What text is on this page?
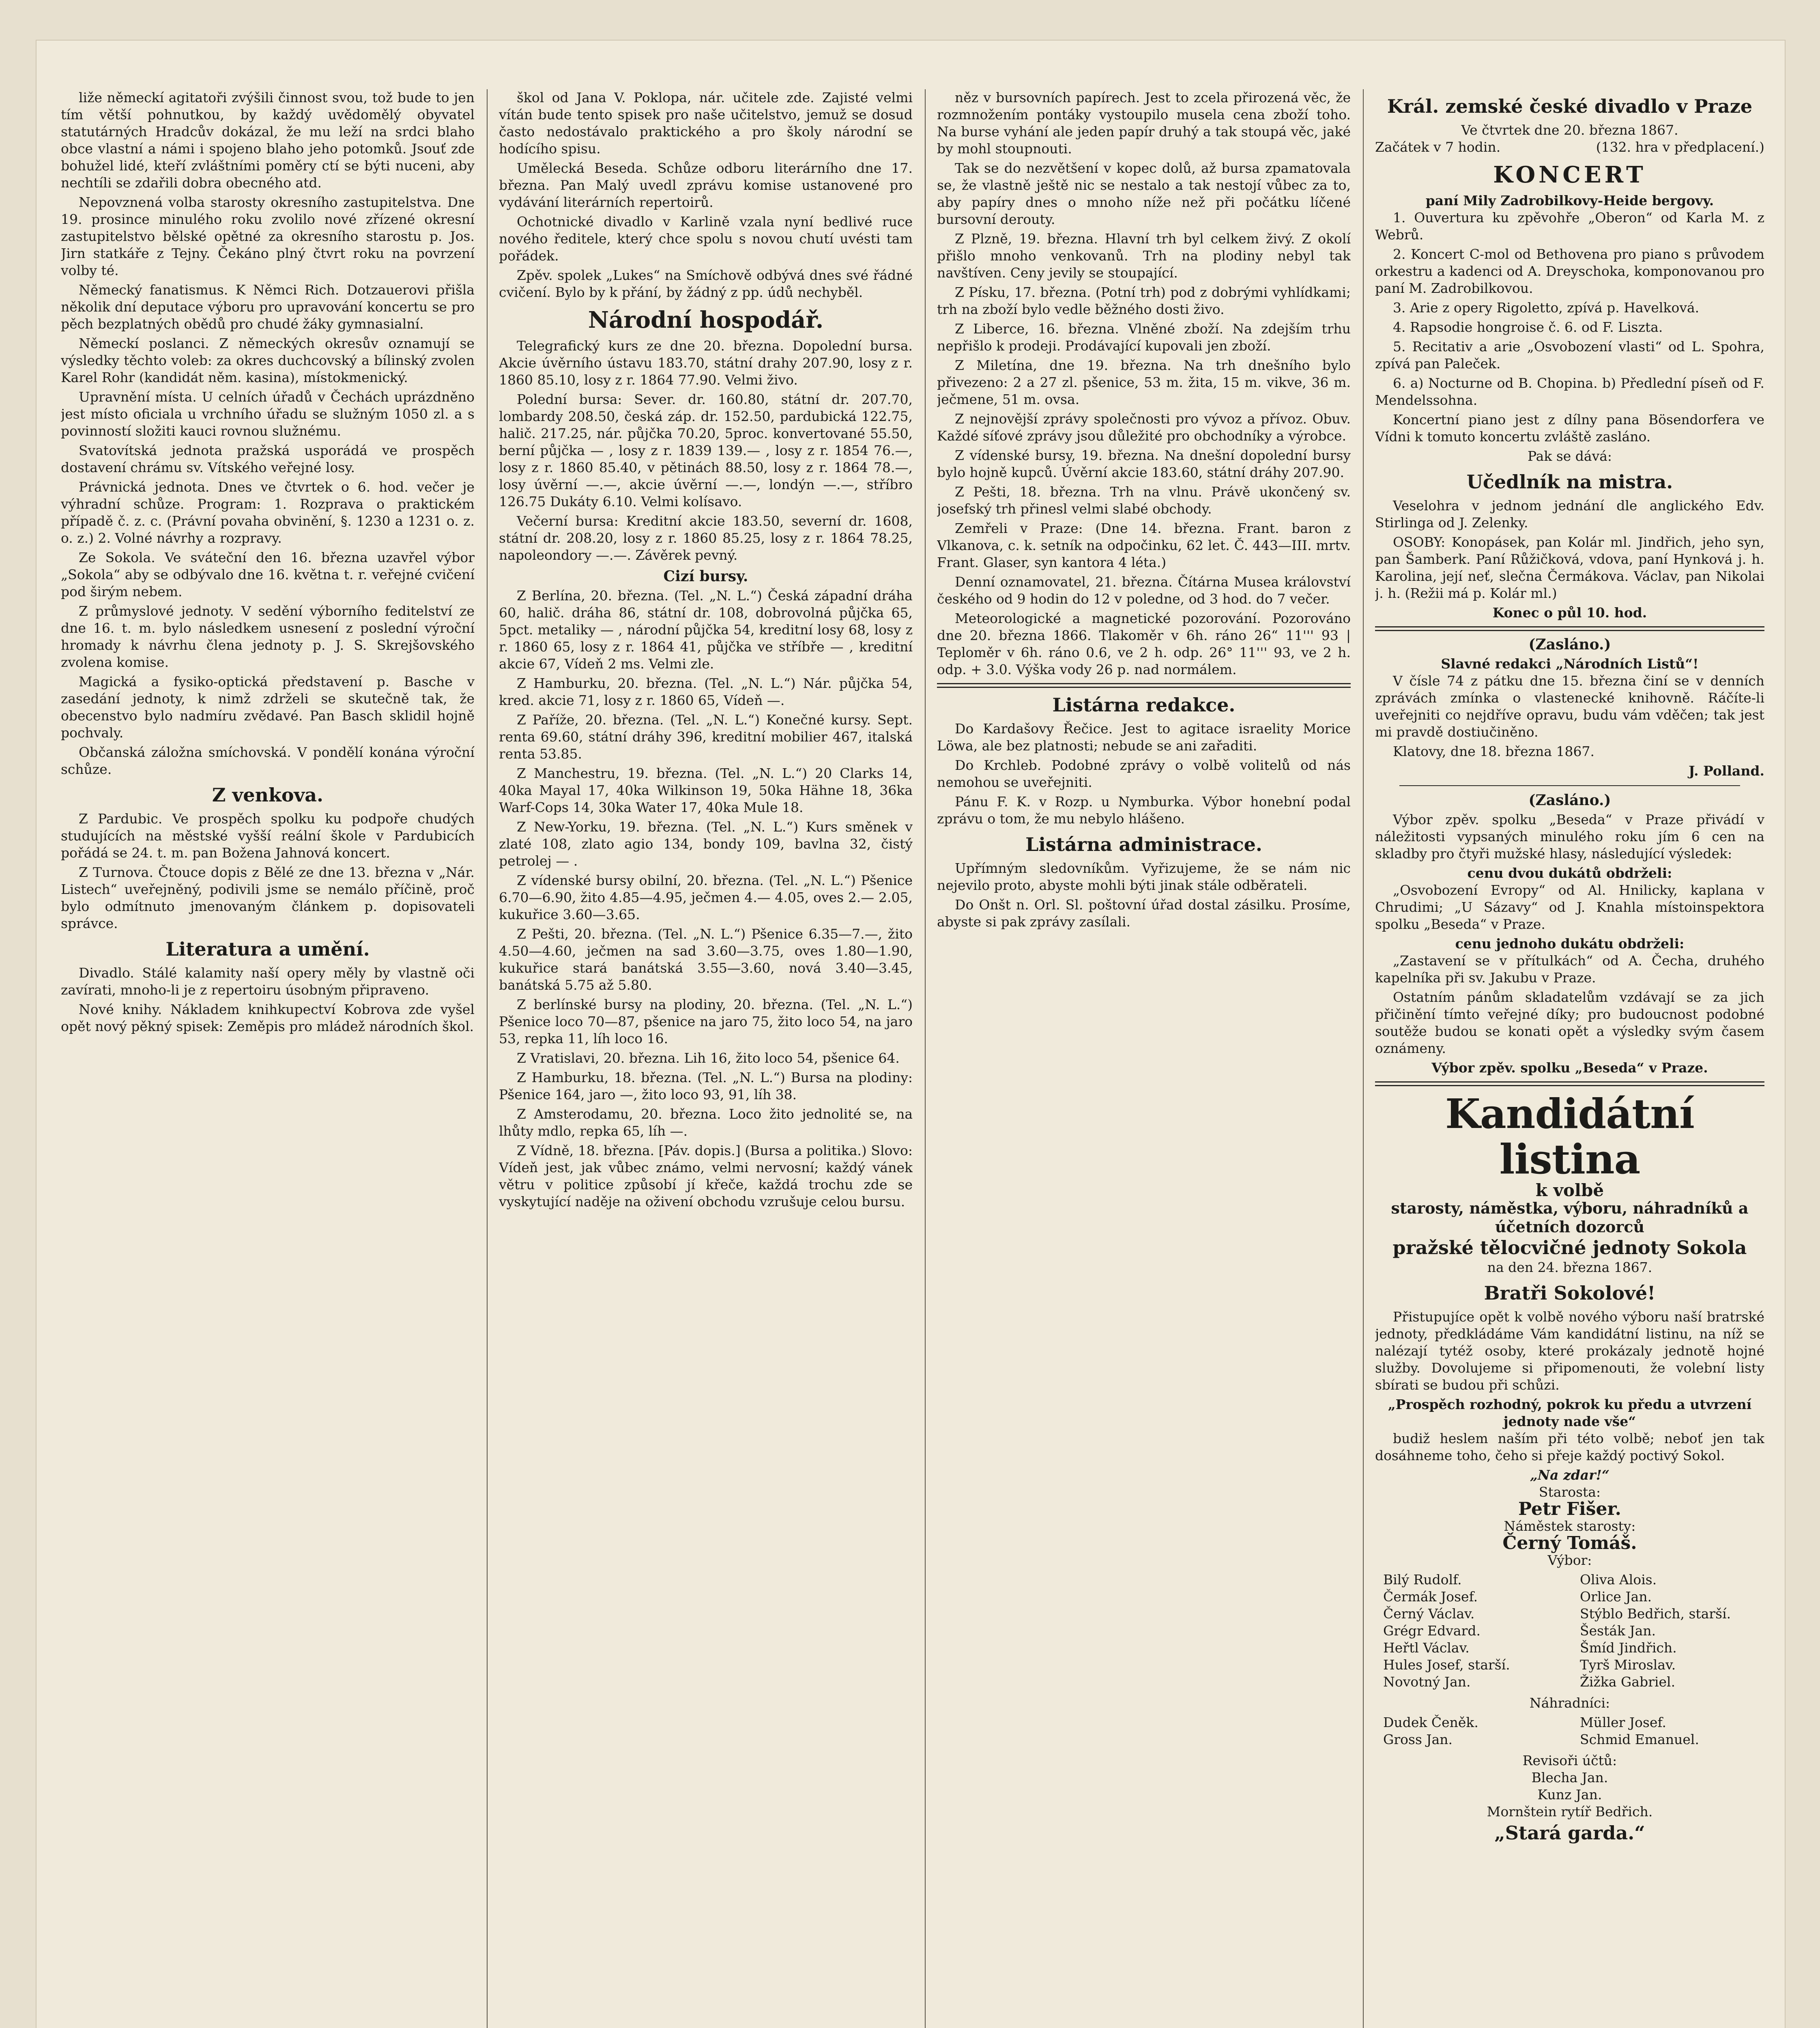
liže německí agitatoři zvýšili činnost svou, tož bude to jen tím větší pohnutkou, by každý uvědomělý obyvatel statutárných Hradcův dokázal, že mu leží na srdci blaho obce vlastní a námi i spojeno blaho jeho potomků. Jsouť zde bohužel lidé, kteří zvláštními poměry ctí se býti nuceni, aby nechtíli se zdařili dobra obecného atd.

Nepovznená volba starosty okresního zastupitelstva. Dne 19. prosince minulého roku zvolilo nové zřízené okresní zastupitelstvo bělské opětné za okresního starostu p. Jos. Jirn statkáře z Tejny. Čekáno plný čtvrt roku na povrzení volby té.

Německý fanatismus. K Němci Rich. Dotzauerovi přišla několik dní deputace výboru pro upravování koncertu se pro pěch bezplatných obědů pro chudé žáky gymnasialní.

Německí poslanci. Z německých okresův oznamují se výsledky těchto voleb: za okres duchcovský a bílinský zvolen Karel Rohr (kandidát něm. kasina), místokmenický.

Upravnění místa. U celních úřadů v Čechách uprázdněno jest místo oficiala u vrchního úřadu se služným 1050 zl. a s povinností složiti kauci rovnou služnému.

Svatovítská jednota pražská usporádá ve prospěch dostavení chrámu sv. Vítského veřejné losy.

Právnická jednota. Dnes ve čtvrtek o 6. hod. večer je výhradní schůze. Program: 1. Rozprava o praktickém případě č. z. c. (Právní povaha obvinění, §. 1230 a 1231 o. z. o. z.) 2. Volné návrhy a rozpravy.

Ze Sokola. Ve sváteční den 16. března uzavřel výbor „Sokola“ aby se odbývalo dne 16. května t. r. veřejné cvičení pod širým nebem.

Z průmyslové jednoty. V sedění výborního feditelství ze dne 16. t. m. bylo následkem usnesení z poslední výroční hromady k návrhu člena jednoty p. J. S. Skrejšovského zvolena komise.

Magická a fysiko-optická představení p. Basche v zasedání jednoty, k nimž zdrželi se skutečně tak, že obecenstvo bylo nadmíru zvědavé. Pan Basch sklidil hojně pochvaly.

Občanská záložna smíchovská. V pondělí konána výroční schůze.

Z venkova.

Z Pardubic. Ve prospěch spolku ku podpoře chudých studujících na městské vyšší reální škole v Pardubicích pořádá se 24. t. m. pan Božena Jahnová koncert.

Z Turnova. Čtouce dopis z Bělé ze dne 13. března v „Nár. Listech“ uveřejněný, podivili jsme se nemálo příčině, proč bylo odmítnuto jmenovaným článkem p. dopisovateli správce.

Literatura a umění.

Divadlo. Stálé kalamity naší opery měly by vlastně oči zavírati, mnoho-li je z repertoiru úsobným připraveno.

Nové knihy. Nákladem knihkupectví Kobrova zde vyšel opět nový pěkný spisek: Zeměpis pro mládež národních škol.

škol od Jana V. Poklopa, nár. učitele zde. Zajisté velmi vítán bude tento spisek pro naše učitelstvo, jemuž se dosud často nedostávalo praktického a pro školy národní se hodícího spisu.

Umělecká Beseda. Schůze odboru literárního dne 17. března. Pan Malý uvedl zprávu komise ustanovené pro vydávání literárních repertoirů.

Ochotnické divadlo v Karlině vzala nyní bedlivé ruce nového ředitele, který chce spolu s novou chutí uvésti tam pořádek.

Zpěv. spolek „Lukes“ na Smíchově odbývá dnes své řádné cvičení. Bylo by k přání, by žádný z pp. údů nechyběl.

Národní hospodář.

Telegrafický kurs ze dne 20. března. Dopolední bursa. Akcie úvěrního ústavu 183.70, státní drahy 207.90, losy z r. 1860 85.10, losy z r. 1864 77.90. Velmi živo.

Polední bursa: Sever. dr. 160.80, státní dr. 207.70, lombardy 208.50, česká záp. dr. 152.50, pardubická 122.75, halič. 217.25, nár. půjčka 70.20, 5proc. konvertované 55.50, berní půjčka — , losy z r. 1839 139.— , losy z r. 1854 76.—, losy z r. 1860 85.40, v pětinách 88.50, losy z r. 1864 78.—, losy úvěrní —.—, akcie úvěrní —.—, londýn —.—, stříbro 126.75 Dukáty 6.10. Velmi kolísavo.

Večerní bursa: Kreditní akcie 183.50, severní dr. 1608, státní dr. 208.20, losy z r. 1860 85.25, losy z r. 1864 78.25, napoleondory —.—. Závěrek pevný.

Cizí bursy.

Z Berlína, 20. března. (Tel. „N. L.“) Česká západní dráha 60, halič. dráha 86, státní dr. 108, dobrovolná půjčka 65, 5pct. metaliky — , národní půjčka 54, kreditní losy 68, losy z r. 1860 65, losy z r. 1864 41, půjčka ve stříbře — , kreditní akcie 67, Vídeň 2 ms. Velmi zle.

Z Hamburku, 20. března. (Tel. „N. L.“) Nár. půjčka 54, kred. akcie 71, losy z r. 1860 65, Vídeň —.

Z Paříže, 20. března. (Tel. „N. L.“) Konečné kursy. Sept. renta 69.60, státní dráhy 396, kreditní mobilier 467, italská renta 53.85.

Z Manchestru, 19. března. (Tel. „N. L.“) 20 Clarks 14, 40ka Mayal 17, 40ka Wilkinson 19, 50ka Hähne 18, 36ka Warf-Cops 14, 30ka Water 17, 40ka Mule 18.

Z New-Yorku, 19. března. (Tel. „N. L.“) Kurs směnek v zlaté 108, zlato agio 134, bondy 109, bavlna 32, čistý petrolej — .

Z vídenské bursy obilní, 20. března. (Tel. „N. L.“) Pšenice 6.70—6.90, žito 4.85—4.95, ječmen 4.— 4.05, oves 2.— 2.05, kukuřice 3.60—3.65.

Z Pešti, 20. března. (Tel. „N. L.“) Pšenice 6.35—7.—, žito 4.50—4.60, ječmen na sad 3.60—3.75, oves 1.80—1.90, kukuřice stará banátská 3.55—3.60, nová 3.40—3.45, banátská 5.75 až 5.80.

Z berlínské bursy na plodiny, 20. března. (Tel. „N. L.“) Pšenice loco 70—87, pšenice na jaro 75, žito loco 54, na jaro 53, repka 11, líh loco 16.

Z Vratislavi, 20. března. Lih 16, žito loco 54, pšenice 64.

Z Hamburku, 18. března. (Tel. „N. L.“) Bursa na plodiny: Pšenice 164, jaro —, žito loco 93, 91, líh 38.

Z Amsterodamu, 20. března. Loco žito jednolité se, na lhůty mdlo, repka 65, líh —.

Z Vídně, 18. března. [Páv. dopis.] (Bursa a politika.) Slovo: Vídeň jest, jak vůbec známo, velmi nervosní; každý vánek větru v politice způsobí jí křeče, každá trochu zde se vyskytující naděje na oživení obchodu vzrušuje celou bursu.

něz v bursovních papírech. Jest to zcela přirozená věc, že rozmnožením pontáky vystoupilo musela cena zboží toho. Na burse vyhání ale jeden papír druhý a tak stoupá věc, jaké by mohl stoupnouti.

Tak se do nezvětšení v kopec dolů, až bursa zpamatovala se, že vlastně ještě nic se nestalo a tak nestojí vůbec za to, aby papíry dnes o mnoho níže než při počátku líčené bursovní derouty.

Z Plzně, 19. března. Hlavní trh byl celkem živý. Z okolí přišlo mnoho venkovanů. Trh na plodiny nebyl tak navštíven. Ceny jevily se stoupající.

Z Písku, 17. března. (Potní trh) pod z dobrými vyhlídkami; trh na zboží bylo vedle běžného dosti živo.

Z Liberce, 16. března. Vlněné zboží. Na zdejším trhu nepřišlo k prodeji. Prodávající kupovali jen zboží.

Z Miletína, dne 19. března. Na trh dnešního bylo přivezeno: 2 a 27 zl. pšenice, 53 m. žita, 15 m. vikve, 36 m. ječmene, 51 m. ovsa.

Z nejnovější zprávy společnosti pro vývoz a přívoz. Obuv. Každé síťové zprávy jsou důležité pro obchodníky a výrobce.

Z vídenské bursy, 19. března. Na dnešní dopolední bursy bylo hojně kupců. Úvěrní akcie 183.60, státní dráhy 207.90.

Z Pešti, 18. března. Trh na vlnu. Právě ukončený sv. josefský trh přinesl velmi slabé obchody.

Zemřeli v Praze: (Dne 14. března. Frant. baron z Vlkanova, c. k. setník na odpočinku, 62 let. Č. 443—III. mrtv. Frant. Glaser, syn kantora 4 léta.)

Denní oznamovatel, 21. března. Čítárna Musea království českého od 9 hodin do 12 v poledne, od 3 hod. do 7 večer.

Meteorologické a magnetické pozorování. Pozorováno dne 20. března 1866. Tlakoměr v 6h. ráno 26“ 11''' 93 | Teploměr v 6h. ráno 0.6, ve 2 h. odp. 26° 11''' 93, ve 2 h. odp. + 3.0. Výška vody 26 p. nad normálem.

Listárna redakce.

Do Kardašovy Řečice. Jest to agitace israelity Morice Löwa, ale bez platnosti; nebude se ani zařaditi.

Do Krchleb. Podobné zprávy o volbě volitelů od nás nemohou se uveřejniti.

Pánu F. K. v Rozp. u Nymburka. Výbor honební podal zprávu o tom, že mu nebylo hlášeno.

Listárna administrace.

Upřímným sledovníkům. Vyřizujeme, že se nám nic nejevilo proto, abyste mohli býti jinak stále odběrateli.

Do Onšt n. Orl. Sl. poštovní úřad dostal zásilku. Prosíme, abyste si pak zprávy zasílali.

Král. zemské české divadlo v Praze
Ve čtvrtek dne 20. března 1867.
Začátek v 7 hodin.	(132. hra v předplacení.)
KONCERT
paní Mily Zadrobilkovy-Heide bergovy.

1. Ouvertura ku zpěvohře „Oberon“ od Karla M. z Webrů.

2. Koncert C-mol od Bethovena pro piano s průvodem orkestru a kadenci od A. Dreyschoka, komponovanou pro paní M. Zadrobilkovou.

3. Arie z opery Rigoletto, zpívá p. Havelková.

4. Rapsodie hongroise č. 6. od F. Liszta.

5. Recitativ a arie „Osvobození vlasti“ od L. Spohra, zpívá pan Paleček.

6. a) Nocturne od B. Chopina. b) Předlední píseň od F. Mendelssohna.

Koncertní piano jest z dílny pana Bösendorfera ve Vídni k tomuto koncertu zvláště zasláno.

Pak se dává:
Učedlník na mistra.

Veselohra v jednom jednání dle anglického Edv. Stirlinga od J. Zelenky.

OSOBY: Konopásek, pan Kolár ml. Jindřich, jeho syn, pan Šamberk. Paní Růžičková, vdova, paní Hynková j. h. Karolina, její neť, slečna Čermákova. Václav, pan Nikolai j. h. (Režii má p. Kolár ml.)

Konec o půl 10. hod.
(Zasláno.)
Slavné redakci „Národních Listů“!

V čísle 74 z pátku dne 15. března činí se v denních zprávách zmínka o vlastenecké knihovně. Ráčíte-li uveřejniti co nejdříve opravu, budu vám vděčen; tak jest mi pravdě dostiučiněno.

Klatovy, dne 18. března 1867.

J. Polland.
(Zasláno.)

Výbor zpěv. spolku „Beseda“ v Praze přivádí v náležitosti vypsaných minulého roku jím 6 cen na skladby pro čtyři mužské hlasy, následující výsledek:

cenu dvou dukátů obdrželi:

„Osvobození Evropy“ od Al. Hnilicky, kaplana v Chrudimi; „U Sázavy“ od J. Knahla místoinspektora spolku „Beseda“ v Praze.

cenu jednoho dukátu obdrželi:

„Zastavení se v přítulkách“ od A. Čecha, druhého kapelníka při sv. Jakubu v Praze.

Ostatním pánům skladatelům vzdávají se za jich přičinění tímto veřejné díky; pro budoucnost podobné soutěže budou se konati opět a výsledky svým časem oznámeny.

Výbor zpěv. spolku „Beseda“ v Praze.
Kandidátní listina
k volbě
starosty, náměstka, výboru, náhradníků a účetních dozorců
pražské tělocvičné jednoty Sokola
na den 24. března 1867.
Bratři Sokolové!

Přistupujíce opět k volbě nového výboru naší bratrské jednoty, předkládáme Vám kandidátní listinu, na níž se nalézají tytéž osoby, které prokázaly jednotě hojné služby. Dovolujeme si připomenouti, že volební listy sbírati se budou při schůzi.

„Prospěch rozhodný, pokrok ku předu a utvrzení jednoty nade vše“

budiž heslem naším při této volbě; neboť jen tak dosáhneme toho, čeho si přeje každý poctivý Sokol.

„Na zdar!“
Starosta:
Petr Fišer.
Náměstek starosty:
Černý Tomáš.
Výbor:
Bilý Rudolf.	Oliva Alois.
Čermák Josef.	Orlice Jan.
Černý Václav.	Stýblo Bedřich, starší.
Grégr Edvard.	Šesták Jan.
Heřtl Václav.	Šmíd Jindřich.
Hules Josef, starší.	Tyrš Miroslav.
Novotný Jan.	Žižka Gabriel.
Náhradníci:
Dudek Čeněk.	Müller Josef.
Gross Jan.	Schmid Emanuel.
Revisoři účtů:
Blecha Jan.
Kunz Jan.
Mornštein rytíř Bedřich.
„Stará garda.“
